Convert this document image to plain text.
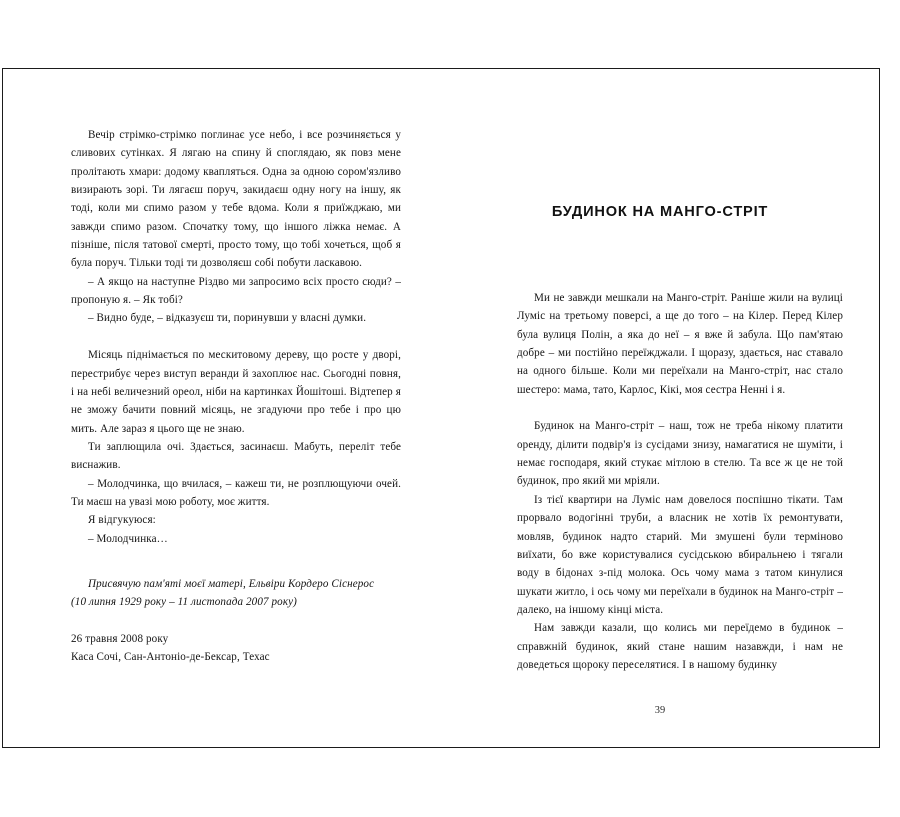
Вечір стрімко-стрімко поглинає усе небо, і все розчиняється у сливових сутінках. Я лягаю на спину й споглядаю, як повз мене пролітають хмари: додому квапляться. Одна за одною сором'язливо визирають зорі. Ти лягаєш поруч, закидаєш одну ногу на іншу, як тоді, коли ми спимо разом у тебе вдома. Коли я приїжджаю, ми завжди спимо разом. Спочатку тому, що іншого ліжка немає. А пізніше, після татової смерті, просто тому, що тобі хочеться, щоб я була поруч. Тільки тоді ти дозволяєш собі побути ласкавою.

– А якщо на наступне Різдво ми запросимо всіх просто сюди? – пропоную я. – Як тобі?

– Видно буде, – відказуєш ти, поринувши у власні думки.

Місяць піднімається по мескитовому дереву, що росте у дворі, перестрибує через виступ веранди й захоплює нас. Сьогодні повня, і на небі величезний ореол, ніби на картинках Йошітоші. Відтепер я не зможу бачити повний місяць, не згадуючи про тебе і про цю мить. Але зараз я цього ще не знаю.

Ти заплющила очі. Здається, засинаєш. Мабуть, переліт тебе виснажив.

– Молодчинка, що вчилася, – кажеш ти, не розплющуючи очей. Ти маєш на увазі мою роботу, моє життя.

Я відгукуюся:

– Молодчинка…

Присвячую пам'яті моєї матері, Ельвіри Кордеро Сіснерос

(10 липня 1929 року – 11 листопада 2007 року)

26 травня 2008 року

Каса Сочі, Сан-Антоніо-де-Бексар, Техас

БУДИНОК НА МАНГО-СТРІТ

Ми не завжди мешкали на Манго-стріт. Раніше жили на вулиці Луміс на третьому поверсі, а ще до того – на Кілер. Перед Кілер була вулиця Полін, а яка до неї – я вже й забула. Що пам'ятаю добре – ми постійно переїжджали. І щоразу, здається, нас ставало на одного більше. Коли ми переїхали на Манго-стріт, нас стало шестеро: мама, тато, Карлос, Кікі, моя сестра Ненні і я.

Будинок на Манго-стріт – наш, тож не треба нікому платити оренду, ділити подвір'я із сусідами знизу, намагатися не шуміти, і немає господаря, який стукає мітлою в стелю. Та все ж це не той будинок, про який ми мріяли.

Із тієї квартири на Луміс нам довелося поспішно тікати. Там прорвало водогінні труби, а власник не хотів їх ремонтувати, мовляв, будинок надто старий. Ми змушені були терміново виїхати, бо вже користувалися сусідською вбиральнею і тягали воду в бідонах з-під молока. Ось чому мама з татом кинулися шукати житло, і ось чому ми переїхали в будинок на Манго-стріт – далеко, на іншому кінці міста.

Нам завжди казали, що колись ми переїдемо в будинок – справжній будинок, який стане нашим назавжди, і нам не доведеться щороку переселятися. І в нашому будинку

39
